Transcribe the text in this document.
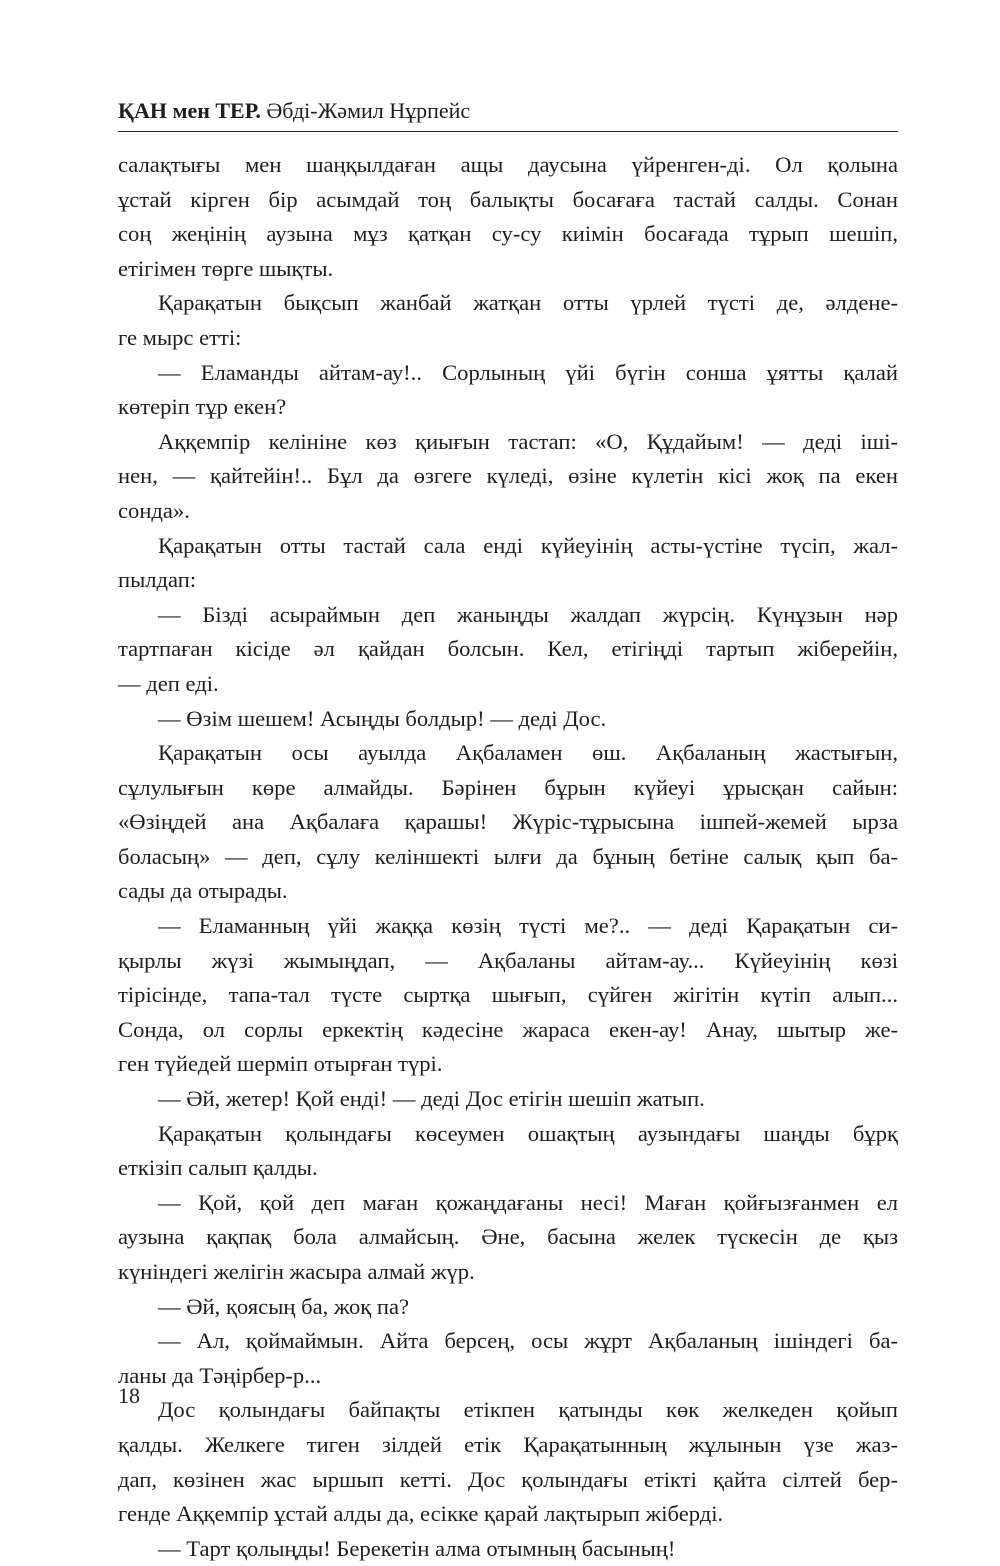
ҚАН мен ТЕР. Әбді-Жәмил Нұрпейс
салақтығы мен шаңқылдаған ащы даусына үйренген-ді. Ол қолына
ұстай кірген бір асымдай тоң балықты босағаға тастай салды. Сонан
соң жеңінің аузына мұз қатқан су-су киімін босағада тұрып шешіп,
етігімен төрге шықты.
Қарақатын бықсып жанбай жатқан отты үрлей түсті де, әлдене-
ге мырс етті:
— Еламанды айтам-ау!.. Сорлының үйі бүгін сонша ұятты қалай
көтеріп тұр екен?
Аққемпір келініне көз қиығын тастап: «О, Құдайым! — деді іші-
нен, — қайтейін!.. Бұл да өзгеге күледі, өзіне күлетін кісі жоқ па екен
сонда».
Қарақатын отты тастай сала енді күйеуінің асты-үстіне түсіп, жал-
пылдап:
— Бізді асыраймын деп жаныңды жалдап жүрсің. Күнұзын нәр
тартпаған кісіде әл қайдан болсын. Кел, етігіңді тартып жіберейін,
— деп еді.
— Өзім шешем! Асыңды болдыр! — деді Дос.
Қарақатын осы ауылда Ақбаламен өш. Ақбаланың жастығын,
сұлулығын көре алмайды. Бәрінен бұрын күйеуі ұрысқан сайын:
«Өзіңдей ана Ақбалаға қарашы! Жүріс-тұрысына ішпей-жемей ырза
боласың» — деп, сұлу келіншекті ылғи да бұның бетіне салық қып ба-
сады да отырады.
— Еламанның үйі жаққа көзің түсті ме?.. — деді Қарақатын си-
қырлы жүзі жымыңдап, — Ақбаланы айтам-ау... Күйеуінің көзі
тірісінде, тапа-тал түсте сыртқа шығып, сүйген жігітін күтіп алып...
Сонда, ол сорлы еркектің кәдесіне жараса екен-ау! Анау, шытыр же-
ген түйедей шерміп отырған түрі.
— Әй, жетер! Қой енді! — деді Дос етігін шешіп жатып.
Қарақатын қолындағы көсеумен ошақтың аузындағы шаңды бұрқ
еткізіп салып қалды.
— Қой, қой деп маған қожаңдағаны несі! Маған қойғызғанмен ел
аузына қақпақ бола алмайсың. Әне, басына желек түскесін де қыз
күніндегі желігін жасыра алмай жүр.
— Әй, қоясың ба, жоқ па?
— Ал, қоймаймын. Айта берсең, осы жұрт Ақбаланың ішіндегі ба-
ланы да Тәңірбер-р...
Дос қолындағы байпақты етікпен қатынды көк желкеден қойып
қалды. Желкеге тиген зілдей етік Қарақатынның жұлынын үзе жаз-
дап, көзінен жас ыршып кетті. Дос қолындағы етікті қайта сілтей бер-
генде Аққемпір ұстай алды да, есікке қарай лақтырып жіберді.
— Тарт қолыңды! Берекетін алма отымның басының!
18
